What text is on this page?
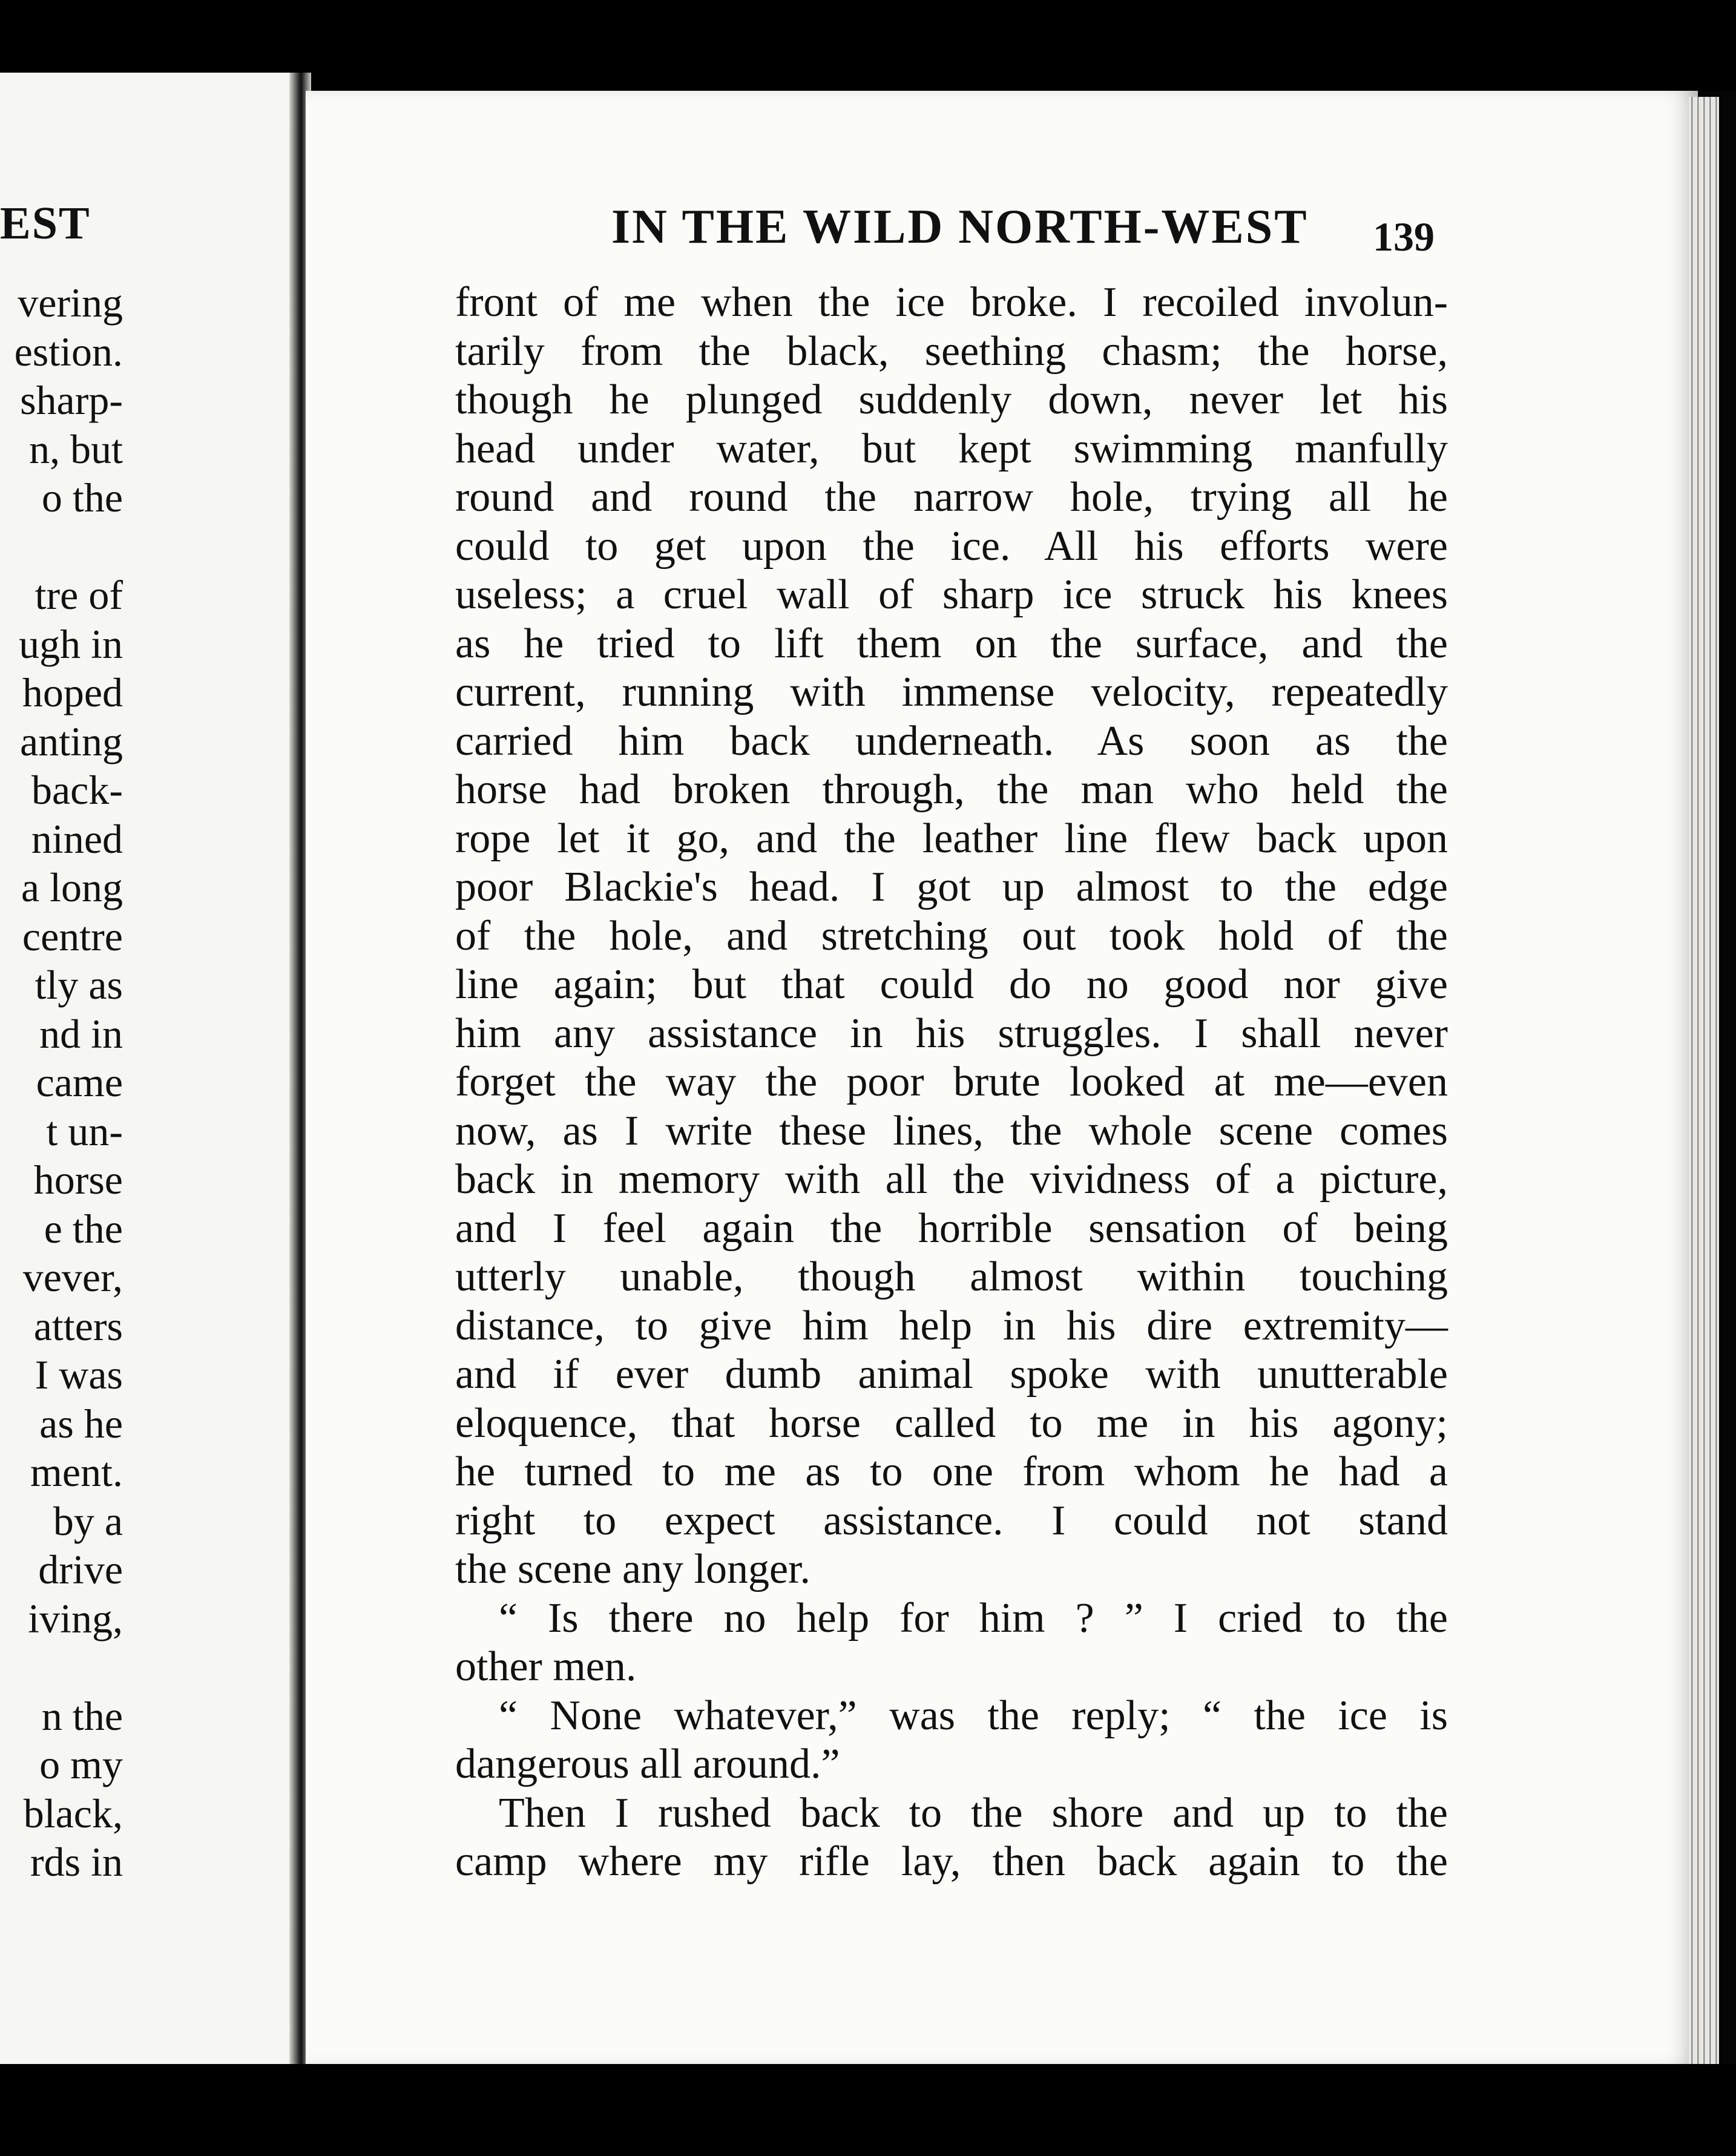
EST
vering
estion.
sharp-
n, but
o the
tre of
ugh in
hoped
anting
back-
nined
a long
centre
tly as
nd in
came
t un-
horse
e the
vever,
atters
I was
as he
ment.
by a
drive
iving,
n the
o my
black,
rds in
IN THE WILD NORTH-WEST 139
front of me when the ice broke. I recoiled involun-
tarily from the black, seething chasm; the horse,
though he plunged suddenly down, never let his
head under water, but kept swimming manfully
round and round the narrow hole, trying all he
could to get upon the ice. All his efforts were
useless; a cruel wall of sharp ice struck his knees
as he tried to lift them on the surface, and the
current, running with immense velocity, repeatedly
carried him back underneath. As soon as the
horse had broken through, the man who held the
rope let it go, and the leather line flew back upon
poor Blackie's head. I got up almost to the edge
of the hole, and stretching out took hold of the
line again; but that could do no good nor give
him any assistance in his struggles. I shall never
forget the way the poor brute looked at me—even
now, as I write these lines, the whole scene comes
back in memory with all the vividness of a picture,
and I feel again the horrible sensation of being
utterly unable, though almost within touching
distance, to give him help in his dire extremity—
and if ever dumb animal spoke with unutterable
eloquence, that horse called to me in his agony;
he turned to me as to one from whom he had a
right to expect assistance. I could not stand
the scene any longer.
“ Is there no help for him ? ” I cried to the
other men.
“ None whatever,” was the reply; “ the ice is
dangerous all around.”
Then I rushed back to the shore and up to the
camp where my rifle lay, then back again to the
